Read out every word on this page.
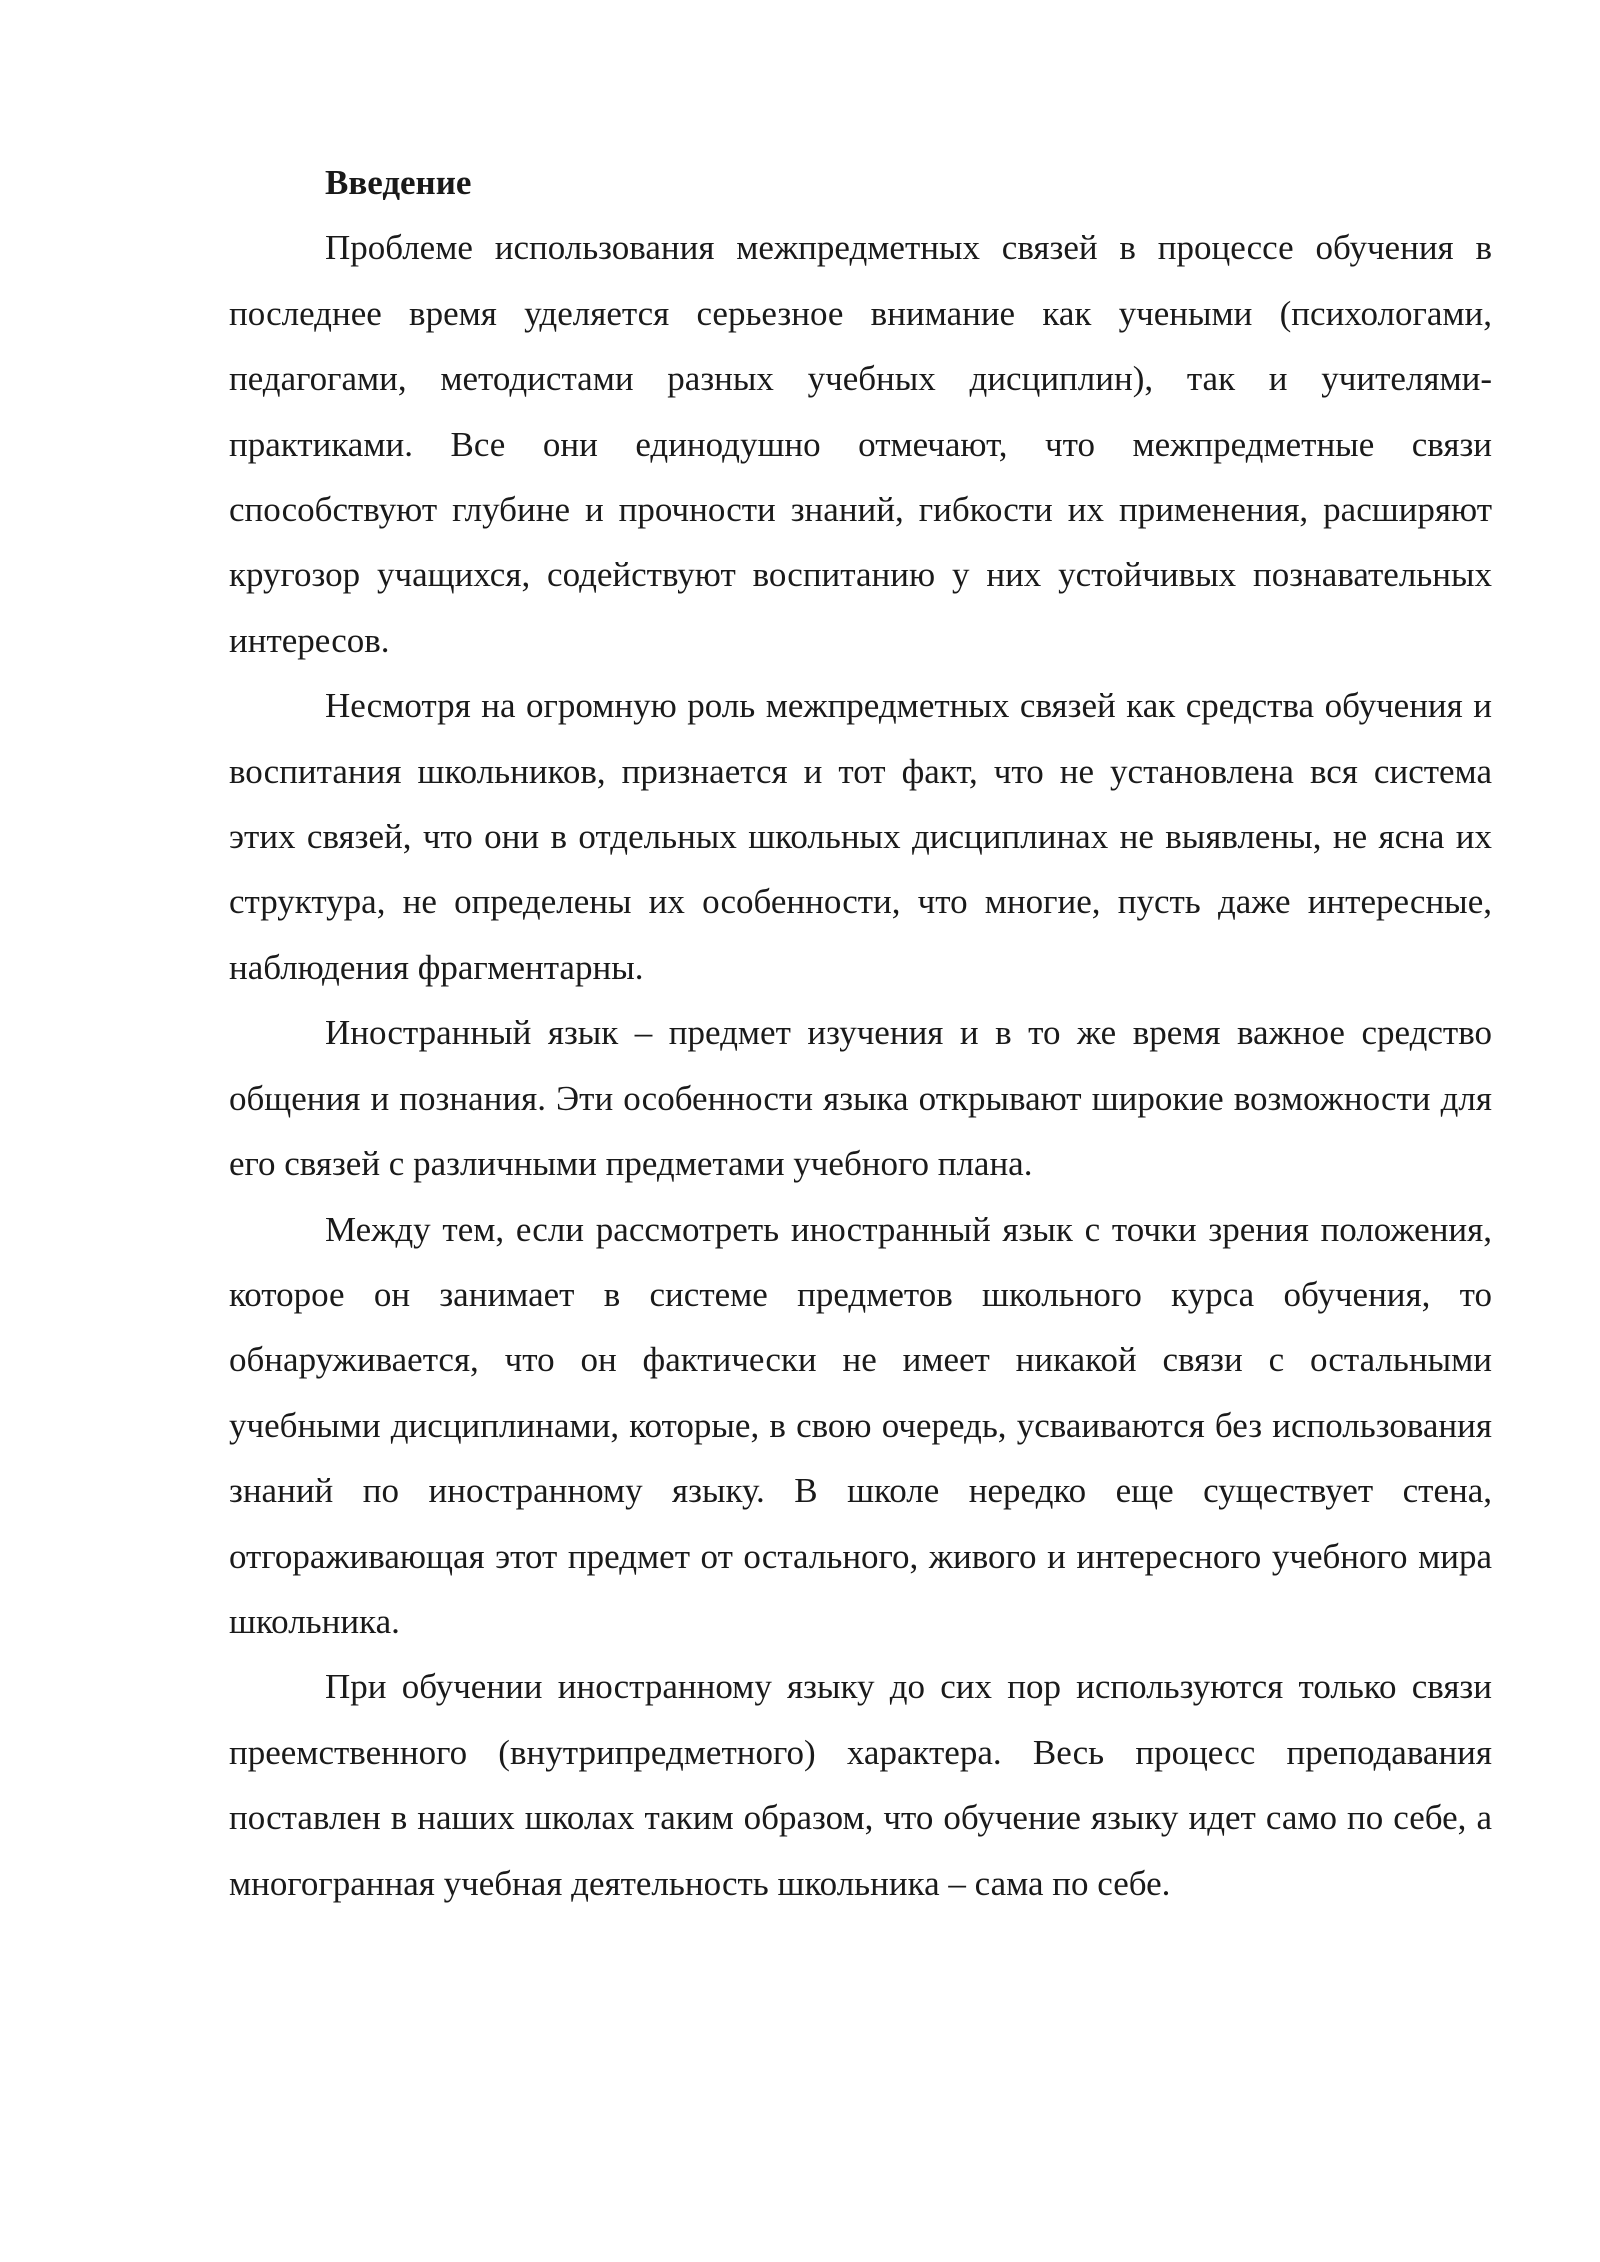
Введение

Проблеме использования межпредметных связей в процессе обучения в последнее время уделяется серьезное внимание как учеными (психологами, педагогами, методистами разных учебных дисциплин), так и учителями-практиками. Все они единодушно отмечают, что межпредметные связи способствуют глубине и прочности знаний, гибкости их применения, расширяют кругозор учащихся, содействуют воспитанию у них устойчивых познавательных интересов.

Несмотря на огромную роль межпредметных связей как средства обучения и воспитания школьников, признается и тот факт, что не установлена вся система этих связей, что они в отдельных школьных дисциплинах не выявлены, не ясна их структура, не определены их особенности, что многие, пусть даже интересные, наблюдения фрагментарны.

Иностранный язык – предмет изучения и в то же время важное средство общения и познания. Эти особенности языка открывают широкие возможности для его связей с различными предметами учебного плана.

Между тем, если рассмотреть иностранный язык с точки зрения положения, которое он занимает в системе предметов школьного курса обучения, то обнаруживается, что он фактически не имеет никакой связи с остальными учебными дисциплинами, которые, в свою очередь, усваиваются без использования знаний по иностранному языку. В школе нередко еще существует стена, отгораживающая этот предмет от остального, живого и интересного учебного мира школьника.

При обучении иностранному языку до сих пор используются только связи преемственного (внутрипредметного) характера. Весь процесс преподавания поставлен в наших школах таким образом, что обучение языку идет само по себе, а многогранная учебная деятельность школьника – сама по себе.
